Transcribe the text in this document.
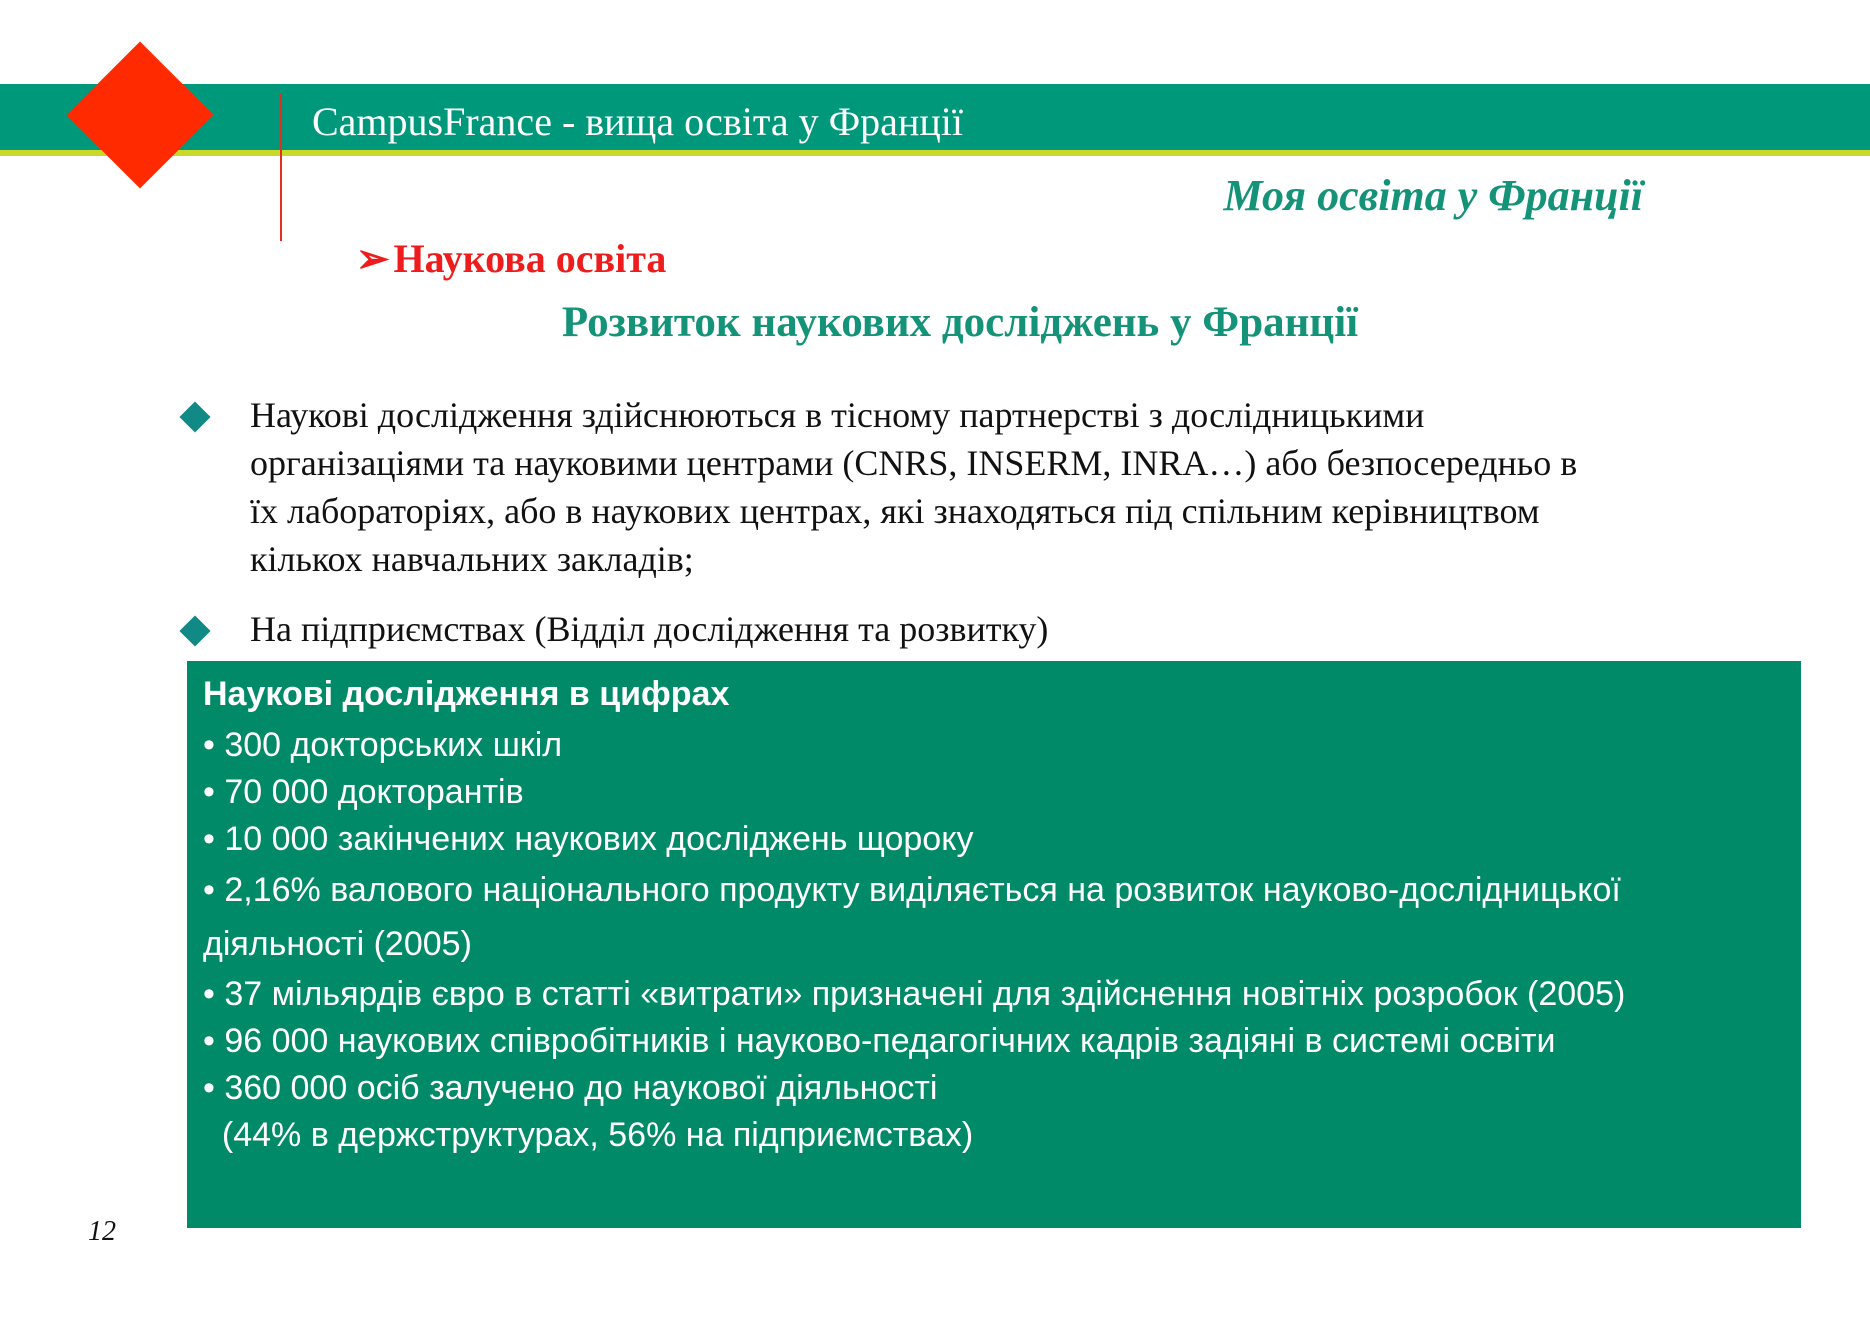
CampusFrance - вища освіта у Франції
Моя освіта у Франції
➢ Наукова освіта
Розвиток наукових досліджень у Франції
Наукові дослідження здійснюються в тісному партнерстві з дослідницькими організаціями та науковими центрами (CNRS, INSERM, INRA…) або безпосередньо в їх лабораторіях, або в наукових центрах, які знаходяться під спільним керівництвом кількох навчальних закладів;
На підприємствах (Відділ дослідження та розвитку)
Наукові дослідження в цифрах
• 300 докторських шкіл
• 70 000 докторантів
• 10 000 закінчених наукових досліджень щороку
• 2,16% валового національного продукту виділяється на розвиток науково-дослідницької діяльності (2005)
• 37 мільярдів євро в статті «витрати» призначені для здійснення новітніх розробок (2005)
• 96 000 наукових співробітників і науково-педагогічних кадрів задіяні в системі освіти
• 360 000 осіб залучено до наукової діяльності
(44% в держструктурах, 56% на підприємствах)
12
